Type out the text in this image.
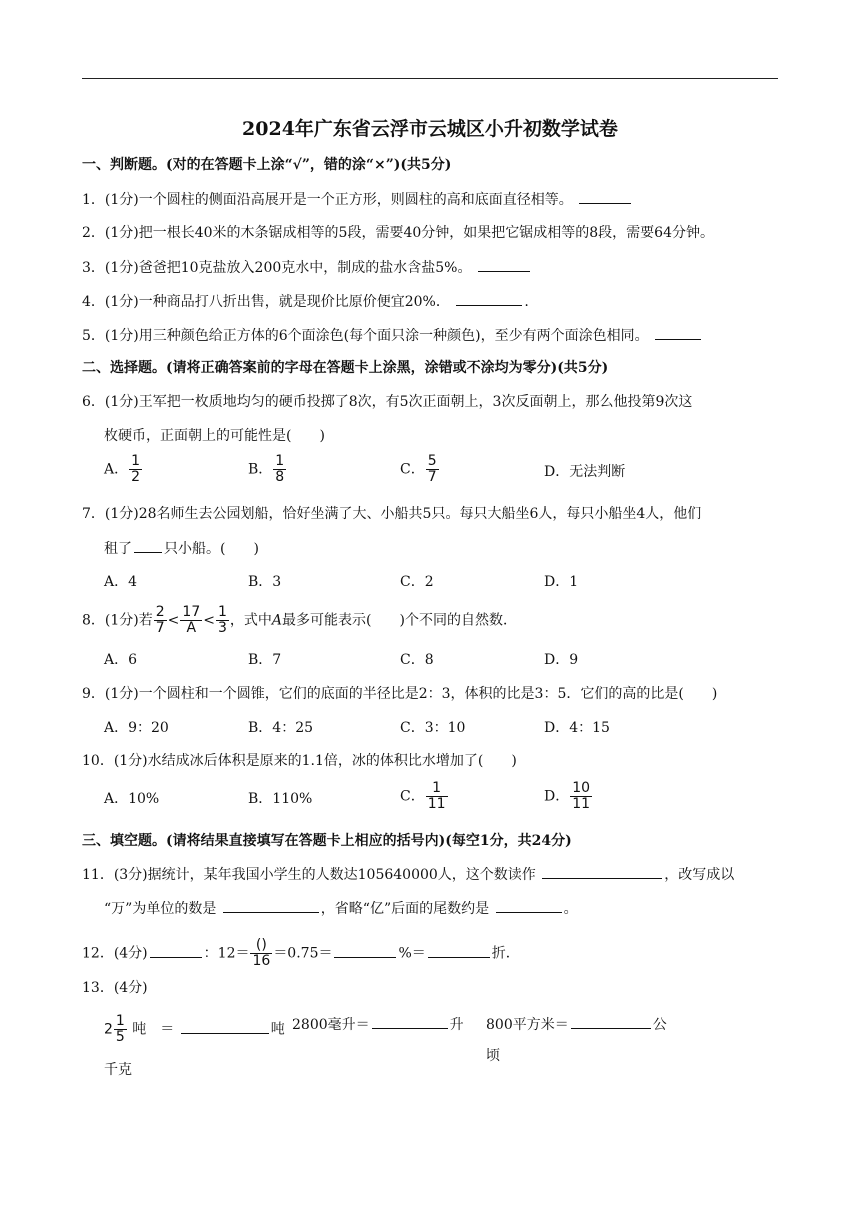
2024年广东省云浮市云城区小升初数学试卷
一、判断题。(对的在答题卡上涂“√”，错的涂“×”)(共5分)
1．(1分)一个圆柱的侧面沿高展开是一个正方形，则圆柱的高和底面直径相等。
2．(1分)把一根长40米的木条锯成相等的5段，需要40分钟，如果把它锯成相等的8段，需要64分钟。
3．(1分)爸爸把10克盐放入200克水中，制成的盐水含盐5%。
4．(1分)一种商品打八折出售，就是现价比原价便宜20%．	.
5．(1分)用三种颜色给正方体的6个面涂色(每个面只涂一种颜色)，至少有两个面涂色相同。
二、选择题。(请将正确答案前的字母在答题卡上涂黑，涂错或不涂均为零分)(共5分)
6．(1分)王军把一枚质地均匀的硬币投掷了8次，有5次正面朝上，3次反面朝上，那么他投第9次这
枚硬币，正面朝上的可能性是(　　)
A． $\frac{1}{2}$	B． $\frac{1}{8}$	C． $\frac{5}{7}$	D．无法判断
7．(1分)28名师生去公园划船，恰好坐满了大、小船共5只。每只大船坐6人，每只小船坐4人，他们
租了 只小船。(　　)
A．4	B．3	C．2	D．1
8．(1分)若 $\frac{2}{7} < \frac{17}{A} < \frac{1}{3}$ ，式中A最多可能表示(　　)个不同的自然数．
A．6	B．7	C．8	D．9
9．(1分)一个圆柱和一个圆锥，它们的底面的半径比是2：3，体积的比是3：5．它们的高的比是(　　)
A．9：20	B．4：25	C．3：10	D．4：15
10．(1分)水结成冰后体积是原来的1.1倍，冰的体积比水增加了(　　)
A．10%	B．110%	C． $\frac{1}{11}$	D． $\frac{10}{11}$
三、填空题。(请将结果直接填写在答题卡上相应的括号内)(每空1分，共24分)
11．(3分)据统计，某年我国小学生的人数达105640000人，这个数读作	，改写成以
“万”为单位的数是	，省略“亿”后面的尾数约是	。
12．(4分)	：$12= \frac{()}{16} =0.75=$	%＝	折．
13．(4分)
$2 \frac{1}{5}$ 吨　＝	吨 2800毫升＝	升 800平方米＝	公
顷
千克
